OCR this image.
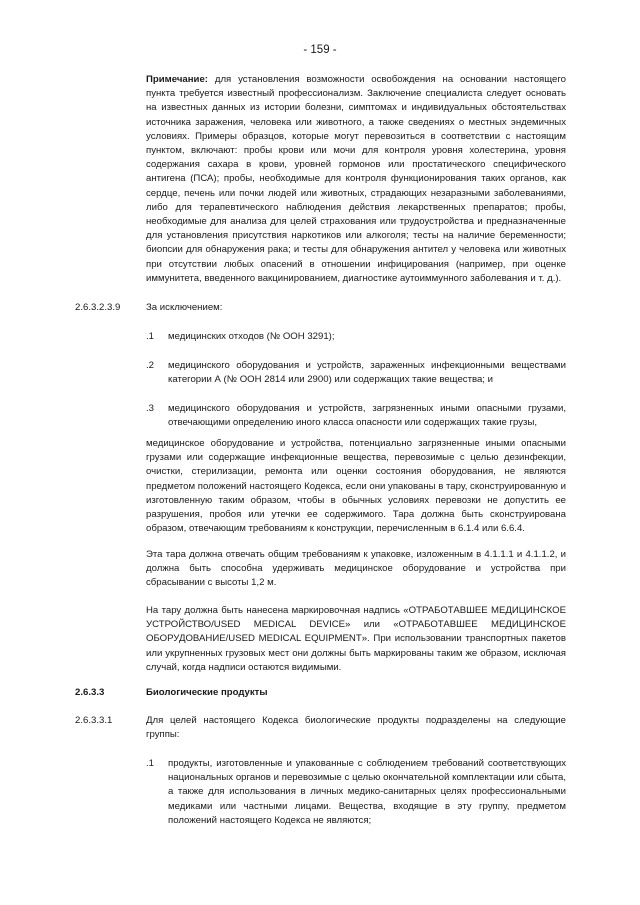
- 159 -
Примечание: для установления возможности освобождения на основании настоящего пункта требуется известный профессионализм. Заключение специалиста следует основать на известных данных из истории болезни, симптомах и индивидуальных обстоятельствах источника заражения, человека или животного, а также сведениях о местных эндемичных условиях. Примеры образцов, которые могут перевозиться в соответствии с настоящим пунктом, включают: пробы крови или мочи для контроля уровня холестерина, уровня содержания сахара в крови, уровней гормонов или простатического специфического антигена (ПСА); пробы, необходимые для контроля функционирования таких органов, как сердце, печень или почки людей или животных, страдающих незаразными заболеваниями, либо для терапевтического наблюдения действия лекарственных препаратов; пробы, необходимые для анализа для целей страхования или трудоустройства и предназначенные для установления присутствия наркотиков или алкоголя; тесты на наличие беременности; биопсии для обнаружения рака; и тесты для обнаружения антител у человека или животных при отсутствии любых опасений в отношении инфицирования (например, при оценке иммунитета, введенного вакцинированием, диагностике аутоиммунного заболевания и т. д.).
2.6.3.2.3.9	За исключением:
.1 медицинских отходов (№ ООН 3291);
.2 медицинского оборудования и устройств, зараженных инфекционными веществами категории А (№ ООН 2814 или 2900) или содержащих такие вещества; и
.3 медицинского оборудования и устройств, загрязненных иными опасными грузами, отвечающими определению иного класса опасности или содержащих такие грузы,
медицинское оборудование и устройства, потенциально загрязненные иными опасными грузами или содержащие инфекционные вещества, перевозимые с целью дезинфекции, очистки, стерилизации, ремонта или оценки состояния оборудования, не являются предметом положений настоящего Кодекса, если они упакованы в тару, сконструированную и изготовленную таким образом, чтобы в обычных условиях перевозки не допустить ее разрушения, пробоя или утечки ее содержимого. Тара должна быть сконструирована образом, отвечающим требованиям к конструкции, перечисленным в 6.1.4 или 6.6.4.
Эта тара должна отвечать общим требованиям к упаковке, изложенным в 4.1.1.1 и 4.1.1.2, и должна быть способна удерживать медицинское оборудование и устройства при сбрасывании с высоты 1,2 м.
На тару должна быть нанесена маркировочная надпись «ОТРАБОТАВШЕЕ МЕДИЦИНСКОЕ УСТРОЙСТВО/USED MEDICAL DEVICE» или «ОТРАБОТАВШЕЕ МЕДИЦИНСКОЕ ОБОРУДОВАНИЕ/USED MEDICAL EQUIPMENT». При использовании транспортных пакетов или укрупненных грузовых мест они должны быть маркированы таким же образом, исключая случай, когда надписи остаются видимыми.
2.6.3.3	Биологические продукты
2.6.3.3.1	Для целей настоящего Кодекса биологические продукты подразделены на следующие группы:
.1 продукты, изготовленные и упакованные с соблюдением требований соответствующих национальных органов и перевозимые с целью окончательной комплектации или сбыта, а также для использования в личных медико-санитарных целях профессиональными медиками или частными лицами. Вещества, входящие в эту группу, предметом положений настоящего Кодекса не являются;
